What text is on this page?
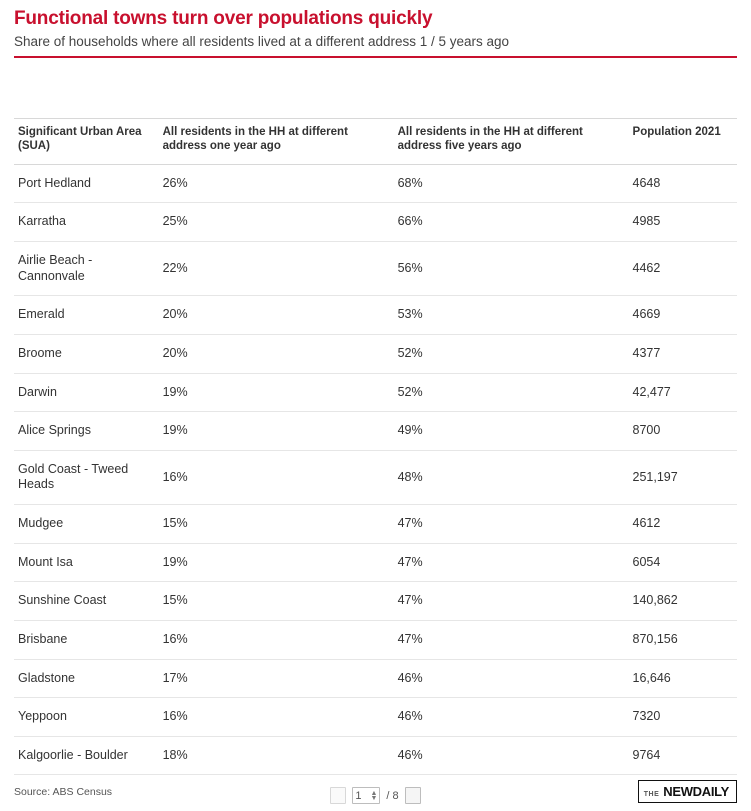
Functional towns turn over populations quickly
Share of households where all residents lived at a different address 1 / 5 years ago

Significant Urban Area (SUA)	All residents in the HH at different address one year ago	All residents in the HH at different address five years ago	Population 2021
Port Hedland	26%	68%	4648
Karratha	25%	66%	4985
Airlie Beach - Cannonvale	22%	56%	4462
Emerald	20%	53%	4669
Broome	20%	52%	4377
Darwin	19%	52%	42,477
Alice Springs	19%	49%	8700
Gold Coast - Tweed Heads	16%	48%	251,197
Mudgee	15%	47%	4612
Mount Isa	19%	47%	6054
Sunshine Coast	15%	47%	140,862
Brisbane	16%	47%	870,156
Gladstone	17%	46%	16,646
Yeppoon	16%	46%	7320
Kalgoorlie - Boulder	18%	46%	9764
1 ▲
▼ / 8
Source: ABS Census	THE NEWDAILY
